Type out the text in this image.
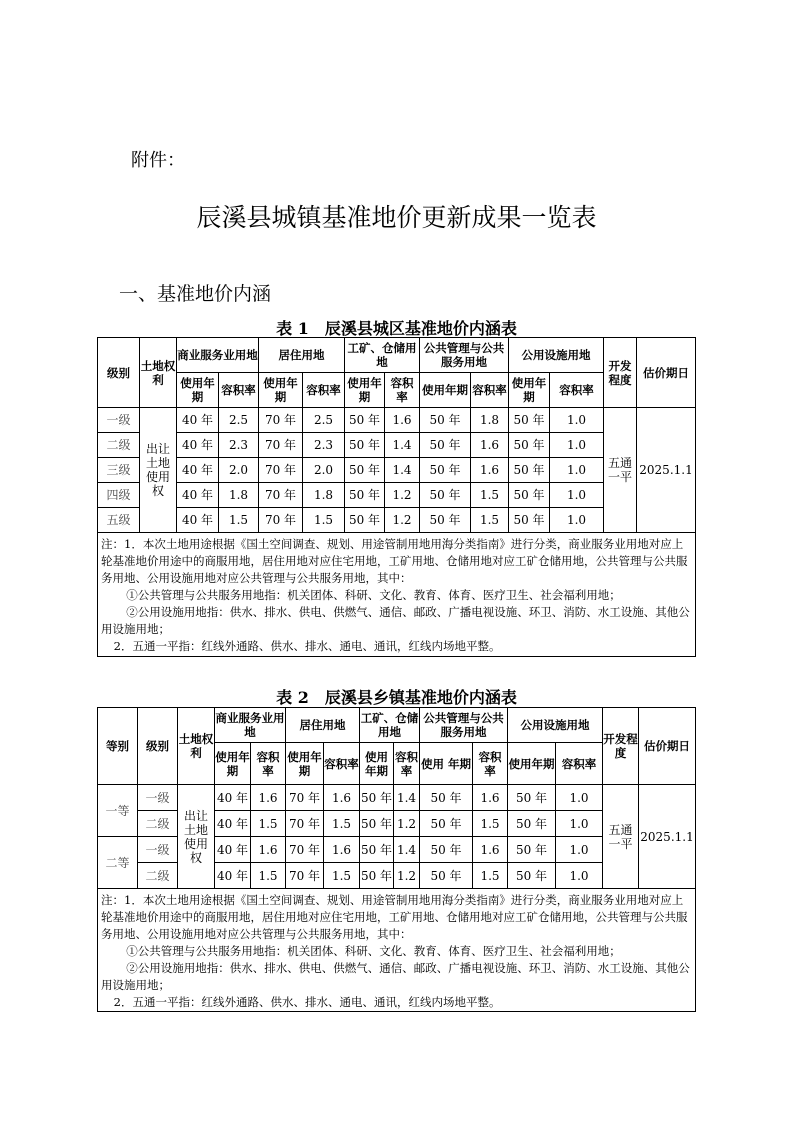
附件：
辰溪县城镇基准地价更新成果一览表
一、基准地价内涵
表 1　辰溪县城区基准地价内涵表
级别	土地权利	商业服务业用地		居住用地		工矿、仓储用地		公共管理与公共服务用地		公用设施用地		开发程度	估价期日
		使用年期	容积率	使用年期	容积率	使用年期	容积率	使用年期	容积率	使用年期	容积率		
一级	出让土地使用权	40 年	2.5	70 年	2.5	50 年	1.6	50 年	1.8	50 年	1.0	五通一平	2025.1.1
二级		40 年	2.3	70 年	2.3	50 年	1.4	50 年	1.6	50 年	1.0		
三级		40 年	2.0	70 年	2.0	50 年	1.4	50 年	1.6	50 年	1.0		
四级		40 年	1.8	70 年	1.8	50 年	1.2	50 年	1.5	50 年	1.0		
五级		40 年	1.5	70 年	1.5	50 年	1.2	50 年	1.5	50 年	1.0		

注：1．本次土地用途根据《国土空间调查、规划、用途管制用地用海分类指南》进行分类，商业服务业用地对应上轮基准地价用途中的商服用地，居住用地对应住宅用地，工矿用地、仓储用地对应工矿仓储用地，公共管理与公共服务用地、公用设施用地对应公共管理与公共服务用地，其中：

①公共管理与公共服务用地指：机关团体、科研、文化、教育、体育、医疗卫生、社会福利用地；

②公用设施用地指：供水、排水、供电、供燃气、通信、邮政、广播电视设施、环卫、消防、水工设施、其他公用设施用地；

2．五通一平指：红线外通路、供水、排水、通电、通讯，红线内场地平整。													

表 2　辰溪县乡镇基准地价内涵表
等别	级别	土地权利	商业服务业用地		居住用地		工矿、仓储用地		公共管理与公共服务用地		公用设施用地		开发程度	估价期日
			使用年期	容积率	使用年期	容积率	使用年期	容积率	使用 年期	容积率	使用年期	容积率		
一等	一级	出让土地使用权	40 年	1.6	70 年	1.6	50 年	1.4	50 年	1.6	50 年	1.0	五通一平	2025.1.1
	二级		40 年	1.5	70 年	1.5	50 年	1.2	50 年	1.5	50 年	1.0		
二等	一级		40 年	1.6	70 年	1.6	50 年	1.4	50 年	1.6	50 年	1.0		
	二级		40 年	1.5	70 年	1.5	50 年	1.2	50 年	1.5	50 年	1.0		

注：1．本次土地用途根据《国土空间调查、规划、用途管制用地用海分类指南》进行分类，商业服务业用地对应上轮基准地价用途中的商服用地，居住用地对应住宅用地，工矿用地、仓储用地对应工矿仓储用地，公共管理与公共服务用地、公用设施用地对应公共管理与公共服务用地，其中：

①公共管理与公共服务用地指：机关团体、科研、文化、教育、体育、医疗卫生、社会福利用地；

②公用设施用地指：供水、排水、供电、供燃气、通信、邮政、广播电视设施、环卫、消防、水工设施、其他公用设施用地；

2．五通一平指：红线外通路、供水、排水、通电、通讯，红线内场地平整。														
